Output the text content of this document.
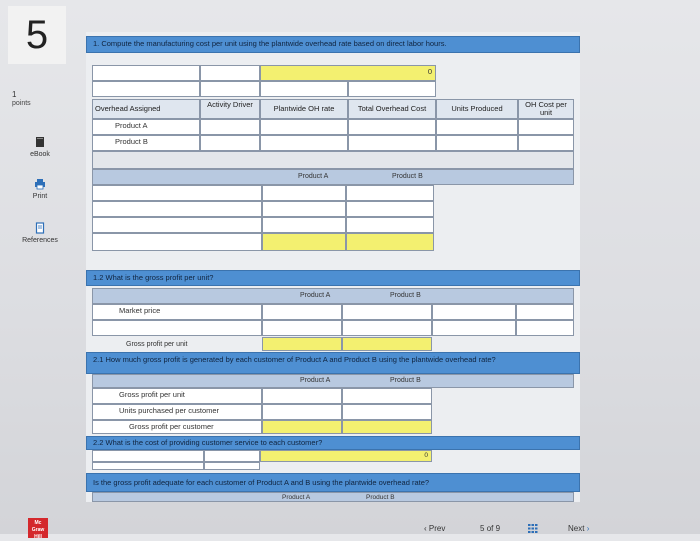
5
1
points
eBook
Print
References
1. Compute the manufacturing cost per unit using the plantwide overhead rate based on direct labor hours.
0
Overhead Assigned	Activity Driver	Plantwide OH rate	Total Overhead Cost	Units Produced	OH Cost per unit
Product A
Product B
Product A	Product B
1.2 What is the gross profit per unit?
Product A	Product B
Market price
Gross profit per unit
2.1 How much gross profit is generated by each customer of Product A and Product B using the plantwide overhead rate?
Product A	Product B
Gross profit per unit
Units purchased per customer
Gross profit per customer
2.2 What is the cost of providing customer service to each customer?
0
Is the gross profit adequate for each customer of Product A and B using the plantwide overhead rate?
Product A	Product B
Mc Graw Hill
‹ Prev	5 of 9	Next ›
